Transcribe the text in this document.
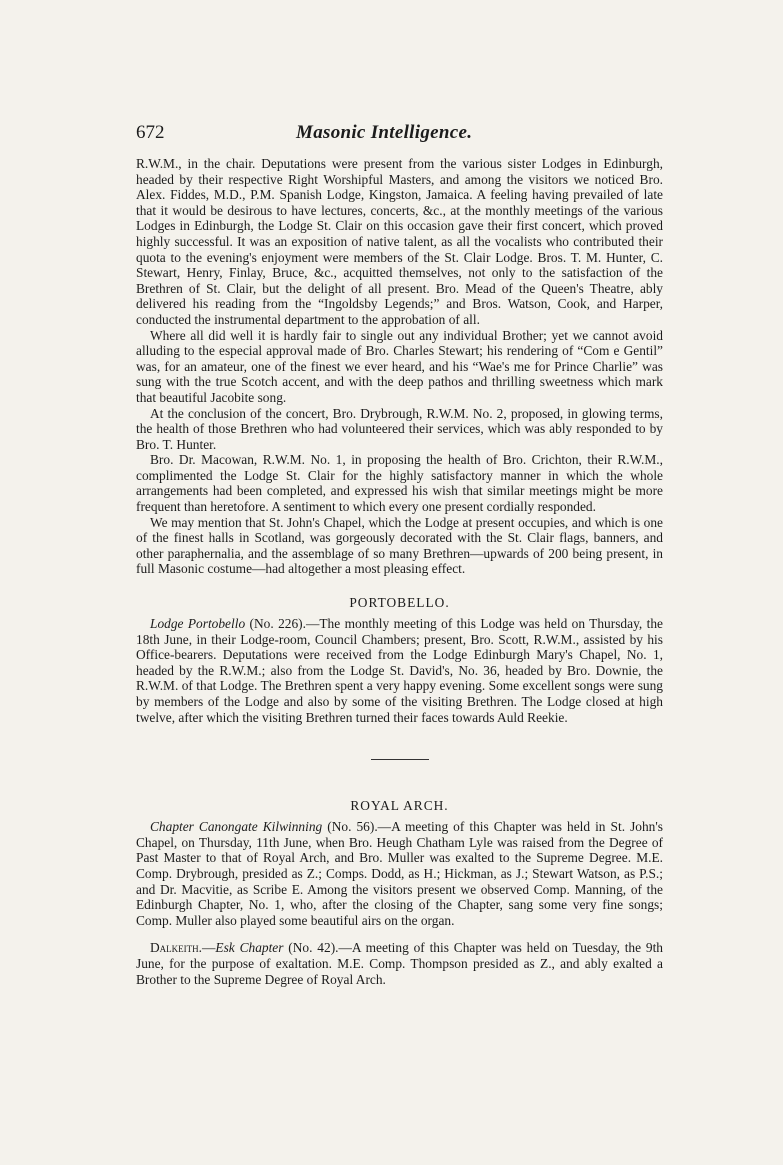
672	Masonic Intelligence.

R.W.M., in the chair. Deputations were present from the various sister Lodges in Edinburgh, headed by their respective Right Worshipful Masters, and among the visitors we noticed Bro. Alex. Fiddes, M.D., P.M. Spanish Lodge, Kingston, Jamaica. A feeling having prevailed of late that it would be desirous to have lectures, concerts, &c., at the monthly meetings of the various Lodges in Edinburgh, the Lodge St. Clair on this occasion gave their first concert, which proved highly successful. It was an exposition of native talent, as all the vocalists who contributed their quota to the evening's enjoyment were members of the St. Clair Lodge. Bros. T. M. Hunter, C. Stewart, Henry, Finlay, Bruce, &c., acquitted themselves, not only to the satisfaction of the Brethren of St. Clair, but the delight of all present. Bro. Mead of the Queen's Theatre, ably delivered his reading from the “Ingoldsby Legends;” and Bros. Watson, Cook, and Harper, conducted the instrumental department to the approbation of all.

Where all did well it is hardly fair to single out any individual Brother; yet we cannot avoid alluding to the especial approval made of Bro. Charles Stewart; his rendering of “Com e Gentil” was, for an amateur, one of the finest we ever heard, and his “Wae's me for Prince Charlie” was sung with the true Scotch accent, and with the deep pathos and thrilling sweetness which mark that beautiful Jacobite song.

At the conclusion of the concert, Bro. Drybrough, R.W.M. No. 2, proposed, in glowing terms, the health of those Brethren who had volunteered their services, which was ably responded to by Bro. T. Hunter.

Bro. Dr. Macowan, R.W.M. No. 1, in proposing the health of Bro. Crichton, their R.W.M., complimented the Lodge St. Clair for the highly satisfactory manner in which the whole arrangements had been completed, and expressed his wish that similar meetings might be more frequent than heretofore. A sentiment to which every one present cordially responded.

We may mention that St. John's Chapel, which the Lodge at present occupies, and which is one of the finest halls in Scotland, was gorgeously decorated with the St. Clair flags, banners, and other paraphernalia, and the assemblage of so many Brethren—upwards of 200 being present, in full Masonic costume—had altogether a most pleasing effect.

PORTOBELLO.

Lodge Portobello (No. 226).—The monthly meeting of this Lodge was held on Thursday, the 18th June, in their Lodge-room, Council Chambers; present, Bro. Scott, R.W.M., assisted by his Office-bearers. Deputations were received from the Lodge Edinburgh Mary's Chapel, No. 1, headed by the R.W.M.; also from the Lodge St. David's, No. 36, headed by Bro. Downie, the R.W.M. of that Lodge. The Brethren spent a very happy evening. Some excellent songs were sung by members of the Lodge and also by some of the visiting Brethren. The Lodge closed at high twelve, after which the visiting Brethren turned their faces towards Auld Reekie.

ROYAL ARCH.

Chapter Canongate Kilwinning (No. 56).—A meeting of this Chapter was held in St. John's Chapel, on Thursday, 11th June, when Bro. Heugh Chatham Lyle was raised from the Degree of Past Master to that of Royal Arch, and Bro. Muller was exalted to the Supreme Degree. M.E. Comp. Drybrough, presided as Z.; Comps. Dodd, as H.; Hickman, as J.; Stewart Watson, as P.S.; and Dr. Macvitie, as Scribe E. Among the visitors present we observed Comp. Manning, of the Edinburgh Chapter, No. 1, who, after the closing of the Chapter, sang some very fine songs; Comp. Muller also played some beautiful airs on the organ.

Dalkeith.—Esk Chapter (No. 42).—A meeting of this Chapter was held on Tuesday, the 9th June, for the purpose of exaltation. M.E. Comp. Thompson presided as Z., and ably exalted a Brother to the Supreme Degree of Royal Arch.
